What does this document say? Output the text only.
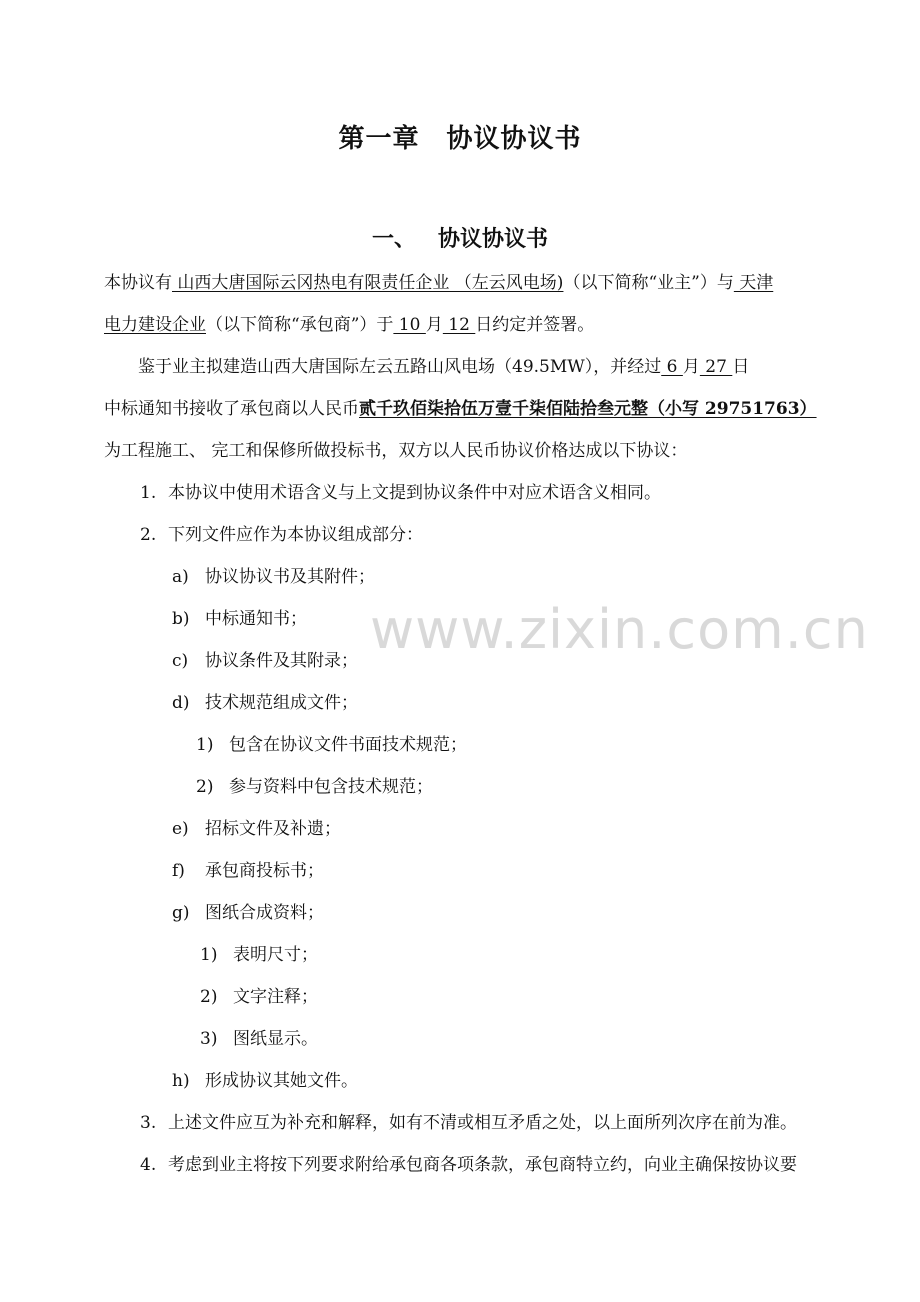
第一章　协议协议书
一、 协议协议书
本协议有 山西大唐国际云冈热电有限责任企业 （左云风电场)（以下简称“业主”）与 天津
电力建设企业（以下简称“承包商”）于 10 月 12 日约定并签署。
鉴于业主拟建造山西大唐国际左云五路山风电场（49.5MW），并经过 6 月 27 日
中标通知书接收了承包商以人民币贰千玖佰柒拾伍万壹千柒佰陆拾叁元整（小写 29751763）
为工程施工、 完工和保修所做投标书，双方以人民币协议价格达成以下协议：
1. 本协议中使用术语含义与上文提到协议条件中对应术语含义相同。
2. 下列文件应作为本协议组成部分：
a) 协议协议书及其附件；
b) 中标通知书；
c) 协议条件及其附录；
d) 技术规范组成文件；
1) 包含在协议文件书面技术规范；
2) 参与资料中包含技术规范；
e) 招标文件及补遗；
f) 承包商投标书；
g) 图纸合成资料；
1) 表明尺寸；
2) 文字注释；
3) 图纸显示。
h) 形成协议其她文件。
3. 上述文件应互为补充和解释，如有不清或相互矛盾之处，以上面所列次序在前为准。
4. 考虑到业主将按下列要求附给承包商各项条款，承包商特立约，向业主确保按协议要
www.zixin.com.cn
